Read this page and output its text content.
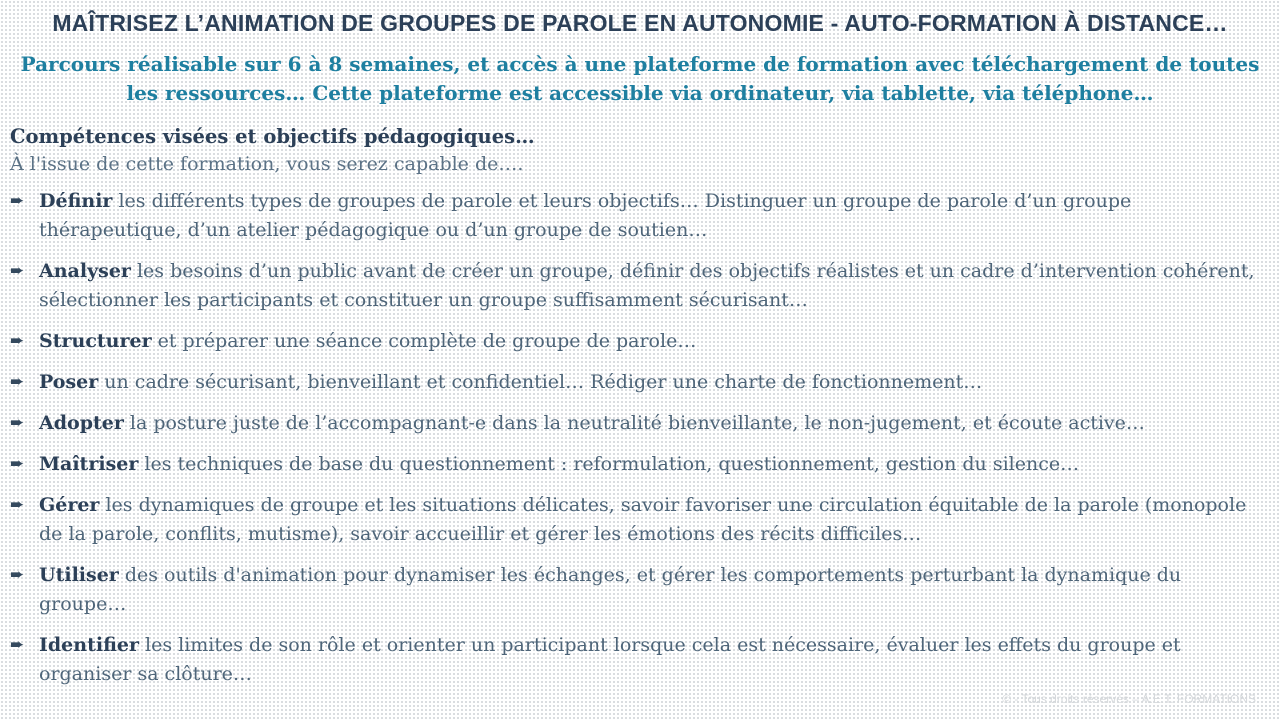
MAÎTRISEZ L’ANIMATION DE GROUPES DE PAROLE EN AUTONOMIE - AUTO-FORMATION À DISTANCE…
Parcours réalisable sur 6 à 8 semaines, et accès à une plateforme de formation avec téléchargement de toutes les ressources… Cette plateforme est accessible via ordinateur, via tablette, via téléphone…
Compétences visées et objectifs pédagogiques…
À l'issue de cette formation, vous serez capable de….
➨ Définir les différents types de groupes de parole et leurs objectifs… Distinguer un groupe de parole d’un groupe thérapeutique, d’un atelier pédagogique ou d’un groupe de soutien…
➨ Analyser les besoins d’un public avant de créer un groupe, définir des objectifs réalistes et un cadre d’intervention cohérent, sélectionner les participants et constituer un groupe suffisamment sécurisant…
➨ Structurer et préparer une séance complète de groupe de parole…
➨ Poser un cadre sécurisant, bienveillant et confidentiel… Rédiger une charte de fonctionnement…
➨ Adopter la posture juste de l’accompagnant-e dans la neutralité bienveillante, le non-jugement, et écoute active…
➨ Maîtriser les techniques de base du questionnement : reformulation, questionnement, gestion du silence…
➨ Gérer les dynamiques de groupe et les situations délicates, savoir favoriser une circulation équitable de la parole (monopole de la parole, conflits, mutisme), savoir accueillir et gérer les émotions des récits difficiles…
➨ Utiliser des outils d'animation pour dynamiser les échanges, et gérer les comportements perturbant la dynamique du groupe…
➨ Identifier les limites de son rôle et orienter un participant lorsque cela est nécessaire, évaluer les effets du groupe et organiser sa clôture…
© - Tous droits réservés – A.E.T. FORMATIONS
